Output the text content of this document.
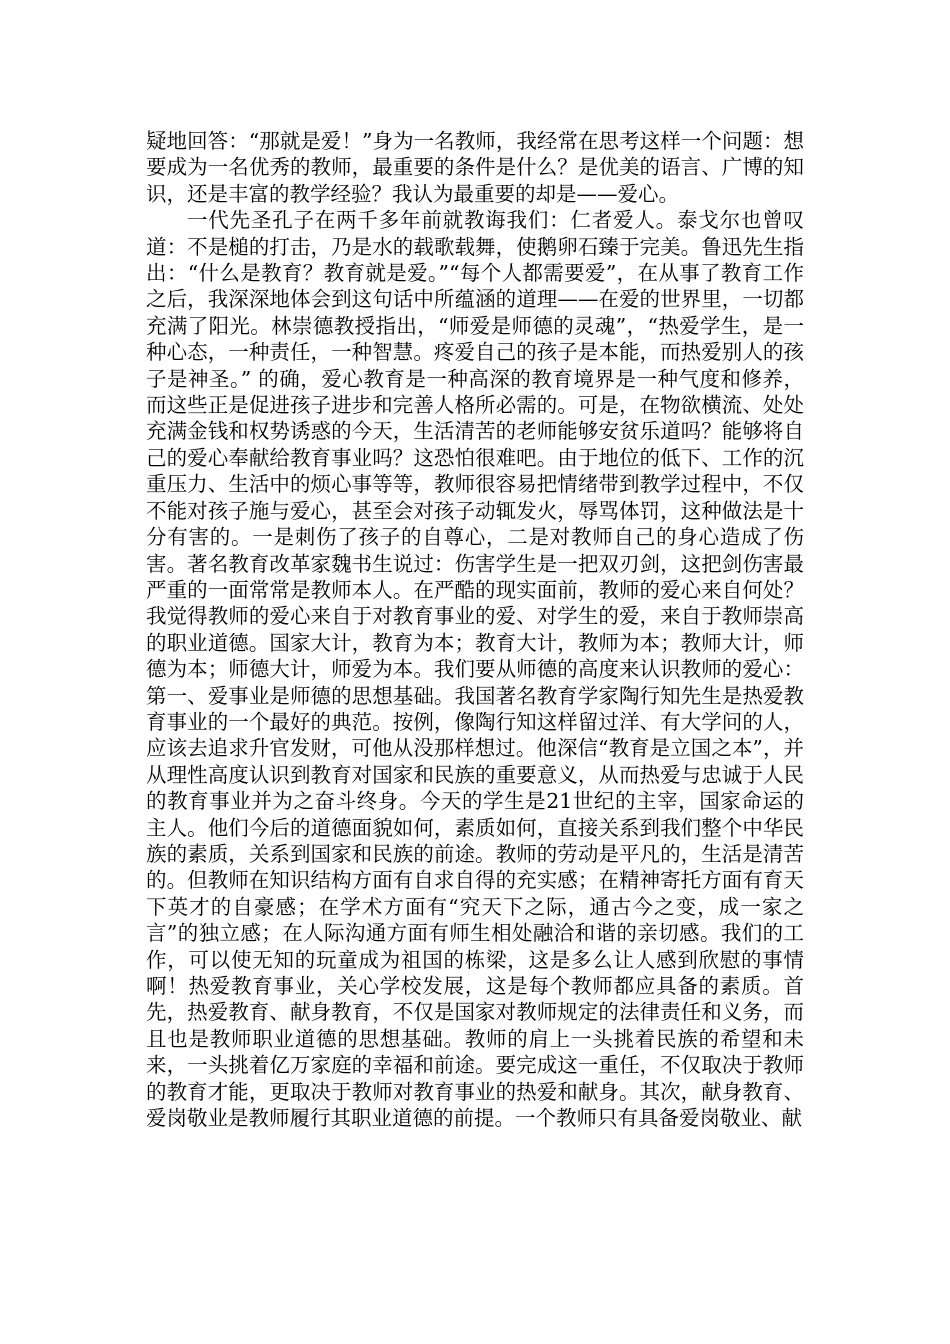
疑地回答：“那就是爱！”身为一名教师，我经常在思考这样一个问题：想要成为一名优秀的教师，最重要的条件是什么？是优美的语言、广博的知识，还是丰富的教学经验？我认为最重要的却是——爱心。

一代先圣孔子在两千多年前就教诲我们：仁者爱人。泰戈尔也曾叹道：不是槌的打击，乃是水的载歌载舞，使鹅卵石臻于完美。鲁迅先生指出：“什么是教育？教育就是爱。”“每个人都需要爱”，在从事了教育工作之后，我深深地体会到这句话中所蕴涵的道理——在爱的世界里，一切都充满了阳光。林崇德教授指出，“师爱是师德的灵魂”，“热爱学生，是一种心态，一种责任，一种智慧。疼爱自己的孩子是本能，而热爱别人的孩子是神圣。” 的确，爱心教育是一种高深的教育境界是一种气度和修养，而这些正是促进孩子进步和完善人格所必需的。可是，在物欲横流、处处充满金钱和权势诱惑的今天，生活清苦的老师能够安贫乐道吗？能够将自己的爱心奉献给教育事业吗？这恐怕很难吧。由于地位的低下、工作的沉重压力、生活中的烦心事等等，教师很容易把情绪带到教学过程中，不仅不能对孩子施与爱心，甚至会对孩子动辄发火，辱骂体罚，这种做法是十分有害的。一是刺伤了孩子的自尊心，二是对教师自己的身心造成了伤害。著名教育改革家魏书生说过：伤害学生是一把双刃剑，这把剑伤害最严重的一面常常是教师本人。在严酷的现实面前，教师的爱心来自何处？我觉得教师的爱心来自于对教育事业的爱、对学生的爱，来自于教师崇高的职业道德。国家大计，教育为本；教育大计，教师为本；教师大计，师德为本；师德大计，师爱为本。我们要从师德的高度来认识教师的爱心：第一、爱事业是师德的思想基础。我国著名教育学家陶行知先生是热爱教育事业的一个最好的典范。按例，像陶行知这样留过洋、有大学问的人，应该去追求升官发财，可他从没那样想过。他深信“教育是立国之本”，并从理性高度认识到教育对国家和民族的重要意义，从而热爱与忠诚于人民的教育事业并为之奋斗终身。今天的学生是21世纪的主宰，国家命运的主人。他们今后的道德面貌如何，素质如何，直接关系到我们整个中华民族的素质，关系到国家和民族的前途。教师的劳动是平凡的，生活是清苦的。但教师在知识结构方面有自求自得的充实感；在精神寄托方面有育天下英才的自豪感；在学术方面有“究天下之际，通古今之变，成一家之言”的独立感；在人际沟通方面有师生相处融洽和谐的亲切感。我们的工作，可以使无知的玩童成为祖国的栋梁，这是多么让人感到欣慰的事情啊！热爱教育事业，关心学校发展，这是每个教师都应具备的素质。首先，热爱教育、献身教育，不仅是国家对教师规定的法律责任和义务，而且也是教师职业道德的思想基础。教师的肩上一头挑着民族的希望和未来，一头挑着亿万家庭的幸福和前途。要完成这一重任，不仅取决于教师的教育才能，更取决于教师对教育事业的热爱和献身。其次，献身教育、爱岗敬业是教师履行其职业道德的前提。一个教师只有具备爱岗敬业、献
